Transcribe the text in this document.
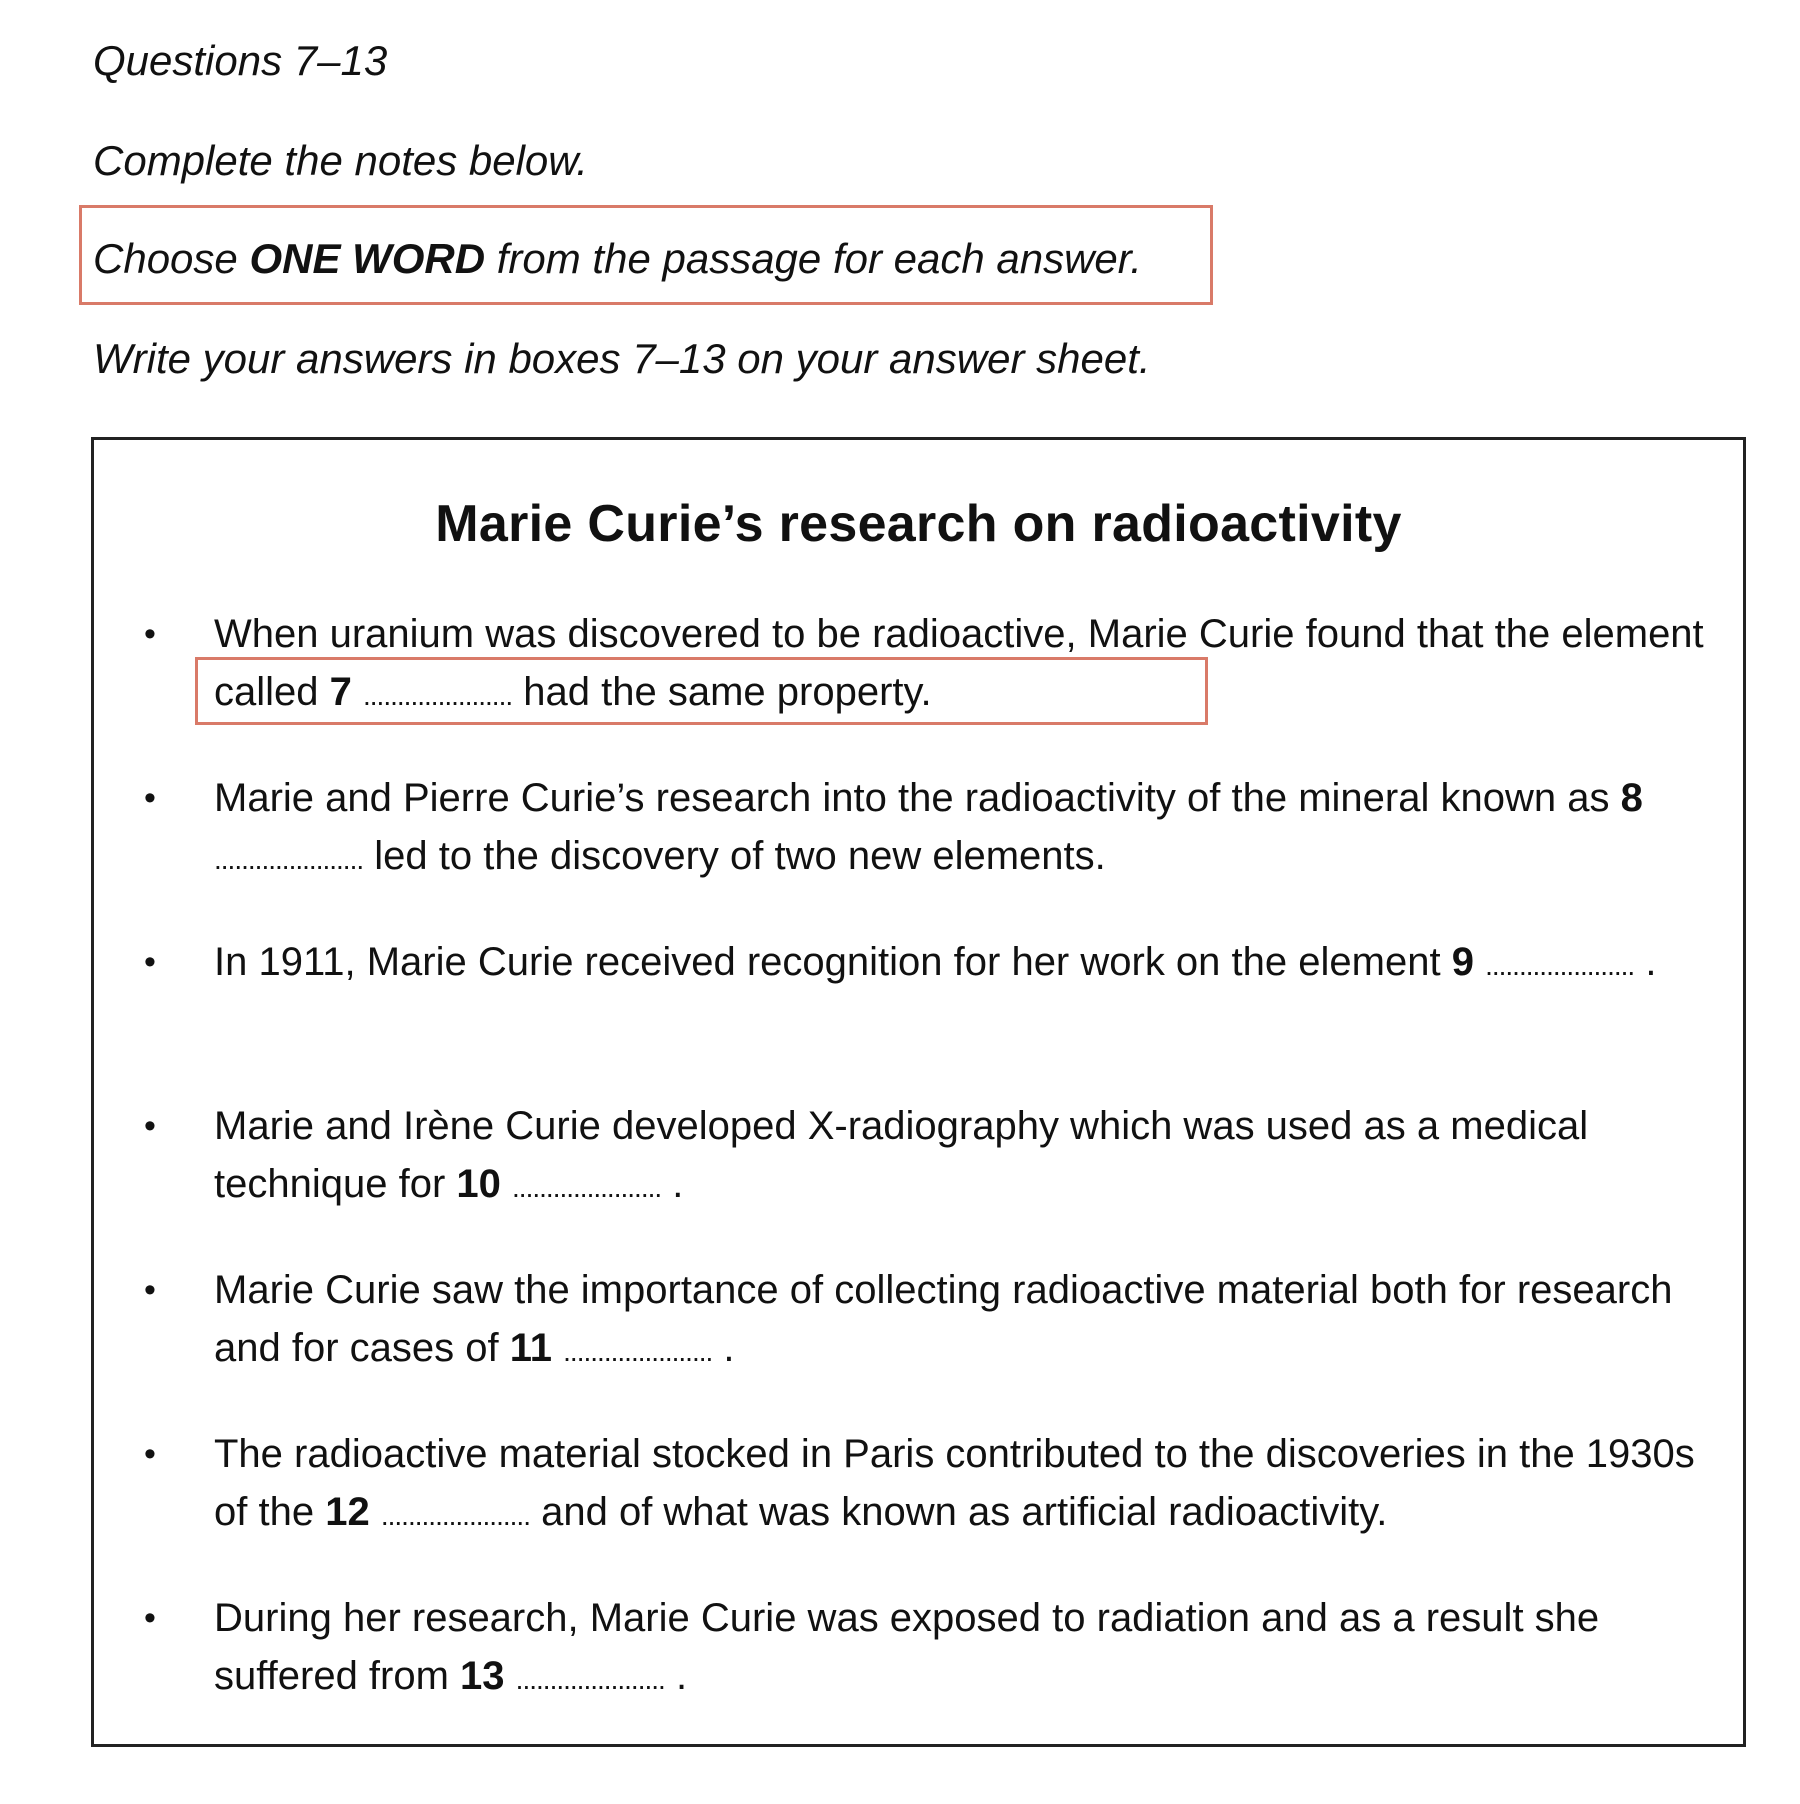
Questions 7–13

Complete the notes below.

Choose ONE WORD from the passage for each answer.

Write your answers in boxes 7–13 on your answer sheet.

Marie Curie’s research on radioactivity

• When uranium was discovered to be radioactive, Marie Curie found that the element called 7 ...................... had the same property.

• Marie and Pierre Curie’s research into the radioactivity of the mineral known as 8 ...................... led to the discovery of two new elements.

• In 1911, Marie Curie received recognition for her work on the element 9 ...................... .

• Marie and Irène Curie developed X-radiography which was used as a medical technique for 10 ...................... .

• Marie Curie saw the importance of collecting radioactive material both for research and for cases of 11 ...................... .

• The radioactive material stocked in Paris contributed to the discoveries in the 1930s of the 12 ...................... and of what was known as artificial radioactivity.

• During her research, Marie Curie was exposed to radiation and as a result she suffered from 13 ...................... .
